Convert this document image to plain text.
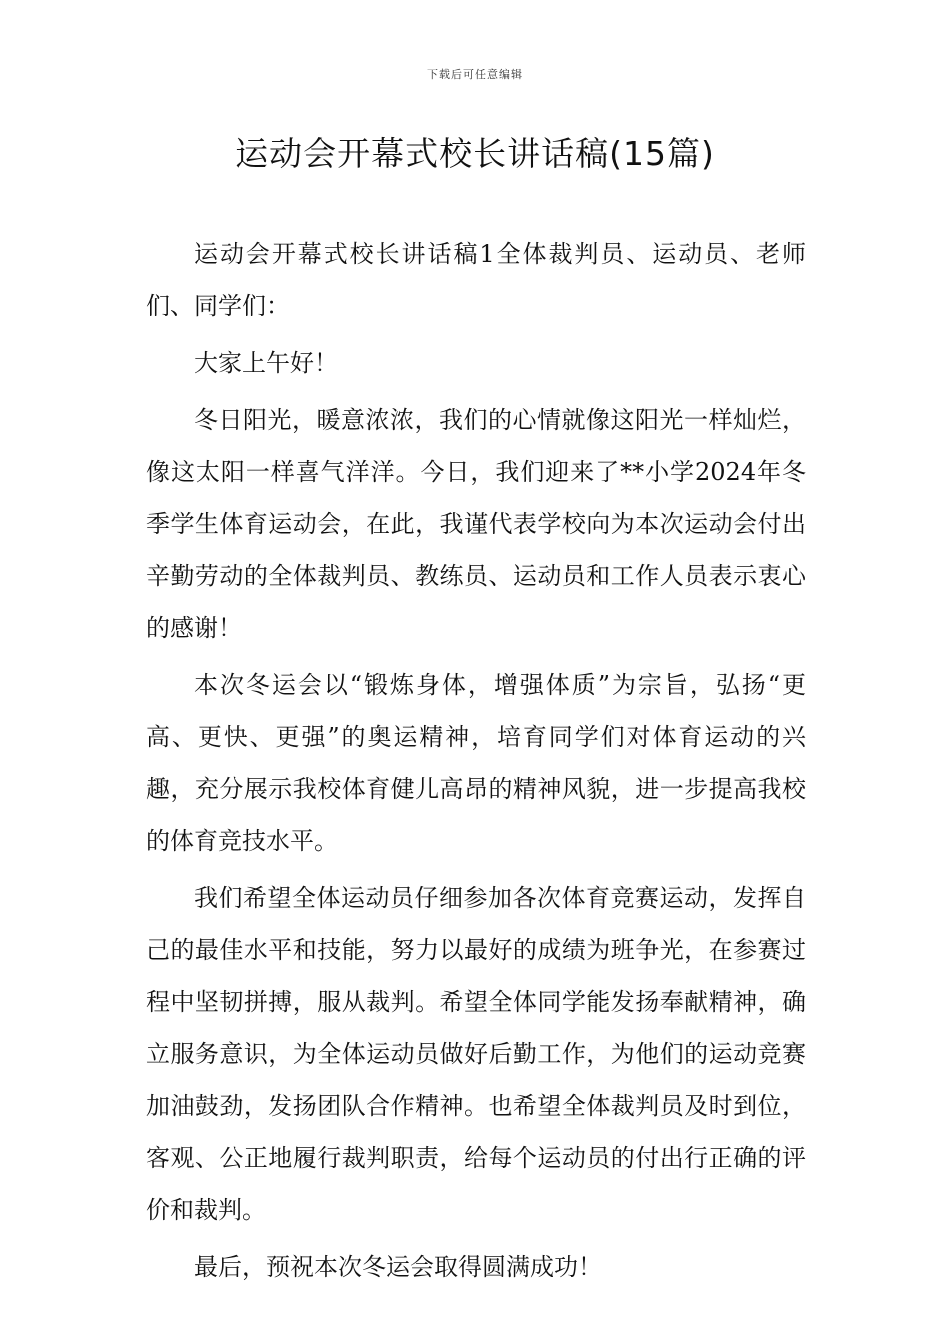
下载后可任意编辑
运动会开幕式校长讲话稿(15篇)

运动会开幕式校长讲话稿1全体裁判员、运动员、老师们、同学们：

大家上午好！

冬日阳光，暖意浓浓，我们的心情就像这阳光一样灿烂，像这太阳一样喜气洋洋。今日，我们迎来了**小学2024年冬季学生体育运动会，在此，我谨代表学校向为本次运动会付出辛勤劳动的全体裁判员、教练员、运动员和工作人员表示衷心的感谢！

本次冬运会以“锻炼身体，增强体质”为宗旨，弘扬“更高、更快、更强”的奥运精神，培育同学们对体育运动的兴趣，充分展示我校体育健儿高昂的精神风貌，进一步提高我校的体育竞技水平。

我们希望全体运动员仔细参加各次体育竞赛运动，发挥自己的最佳水平和技能，努力以最好的成绩为班争光，在参赛过程中坚韧拼搏，服从裁判。希望全体同学能发扬奉献精神，确立服务意识，为全体运动员做好后勤工作，为他们的运动竞赛加油鼓劲，发扬团队合作精神。也希望全体裁判员及时到位，客观、公正地履行裁判职责，给每个运动员的付出行正确的评价和裁判。

最后，预祝本次冬运会取得圆满成功！
